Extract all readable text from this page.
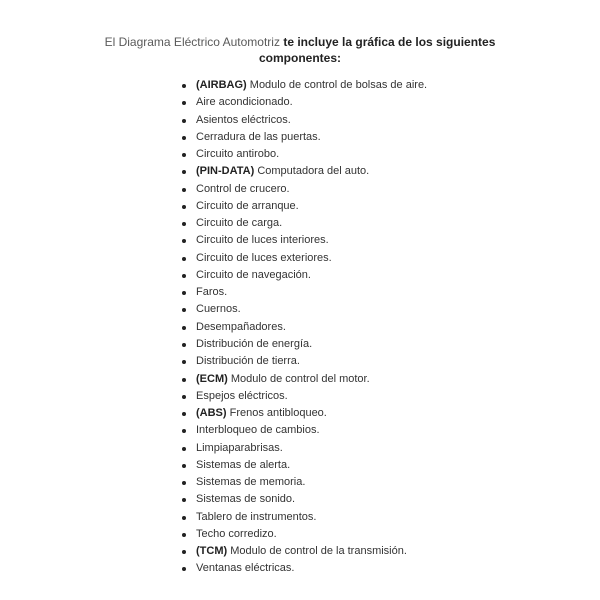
El Diagrama Eléctrico Automotriz te incluye la gráfica de los siguientes
componentes:
(AIRBAG) Modulo de control de bolsas de aire.
Aire acondicionado.
Asientos eléctricos.
Cerradura de las puertas.
Circuito antirobo.
(PIN-DATA) Computadora del auto.
Control de crucero.
Circuito de arranque.
Circuito de carga.
Circuito de luces interiores.
Circuito de luces exteriores.
Circuito de navegación.
Faros.
Cuernos.
Desempañadores.
Distribución de energía.
Distribución de tierra.
(ECM) Modulo de control del motor.
Espejos eléctricos.
(ABS) Frenos antibloqueo.
Interbloqueo de cambios.
Limpiaparabrisas.
Sistemas de alerta.
Sistemas de memoria.
Sistemas de sonido.
Tablero de instrumentos.
Techo corredizo.
(TCM) Modulo de control de la transmisión.
Ventanas eléctricas.
